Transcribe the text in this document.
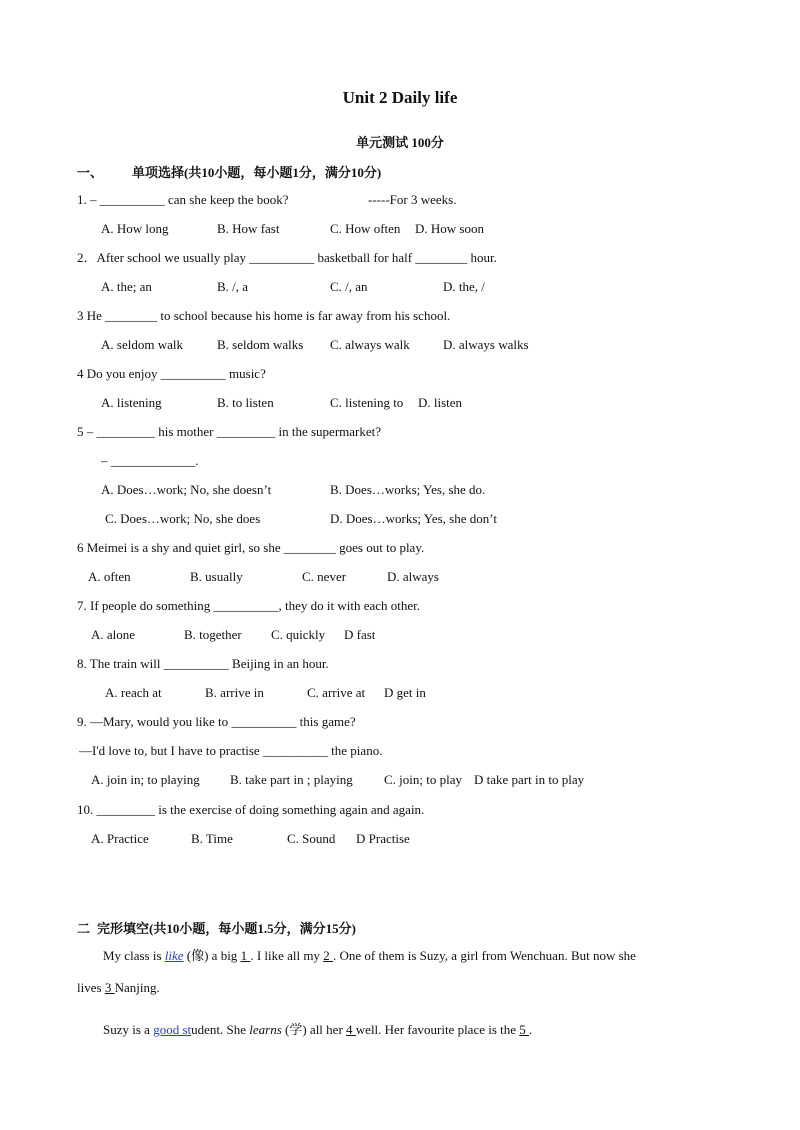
Unit 2 Daily life
单元测试 100分
一、 单项选择(共10小题，每小题1分，满分10分)
1. – __________ can she keep the book?	-----For 3 weeks.
A. How long	B. How fast	C. How often D. How soon
2．After school we usually play __________ basketball for half ________ hour.
A. the; an	B. /, a	C. /, an	D. the, /
3 He ________ to school because his home is far away from his school.
A. seldom walk	B. seldom walks C. always walk	D. always walks
4 Do you enjoy __________ music?
A. listening	B. to listen	C. listening to D. listen
5 – _________ his mother _________ in the supermarket?
– _____________.
A. Does…work; No, she doesn’t	B. Does…works; Yes, she do.
C. Does…work; No, she does	D. Does…works; Yes, she don’t
6 Meimei is a shy and quiet girl, so she ________ goes out to play.
A. often	B. usually	C. never	D. always
7. If people do something __________, they do it with each other.
A. alone	B. together C. quickly D fast
8. The train will __________ Beijing in an hour.
A. reach at	B. arrive in	C. arrive at D get in
9. —Mary, would you like to __________ this game?
—I'd love to, but I have to practise __________ the piano.
A. join in; to playing B. take part in ; playing C. join; to play D take part in to play
10. _________ is the exercise of doing something again and again.
A. Practice	B. Time	C. Sound D Practise
二 完形填空(共10小题，每小题1.5分，满分15分)
My class is like (像) a big 1 . I like all my 2 . One of them is Suzy, a girl from Wenchuan. But now she
lives 3 Nanjing.
Suzy is a good student. She learns (学) all her 4 well. Her favourite place is the 5 .
